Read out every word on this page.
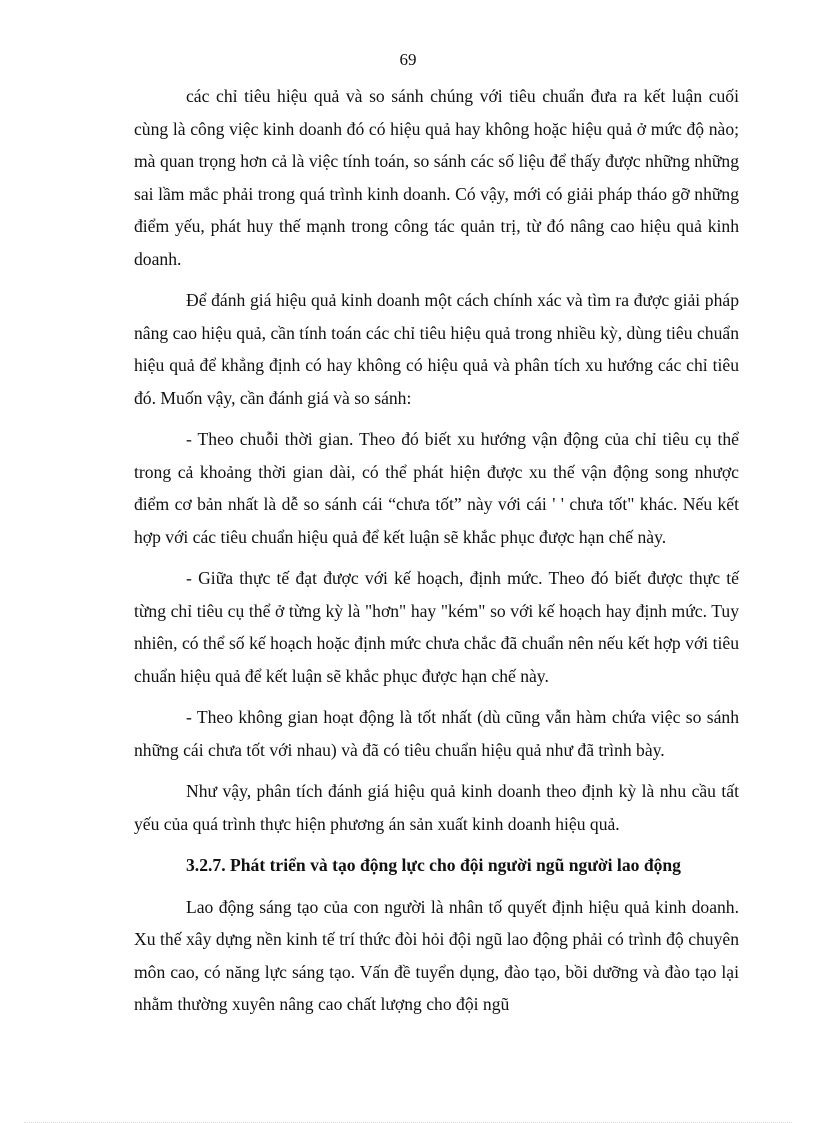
69

các chỉ tiêu hiệu quả và so sánh chúng với tiêu chuẩn đưa ra kết luận cuối cùng là công việc kinh doanh đó có hiệu quả hay không hoặc hiệu quả ở mức độ nào; mà quan trọng hơn cả là việc tính toán, so sánh các số liệu để thấy được những những sai lầm mắc phải trong quá trình kinh doanh. Có vậy, mới có giải pháp tháo gỡ những điểm yếu, phát huy thế mạnh trong công tác quản trị, từ đó nâng cao hiệu quả kinh doanh.

Để đánh giá hiệu quả kinh doanh một cách chính xác và tìm ra được giải pháp nâng cao hiệu quả, cần tính toán các chỉ tiêu hiệu quả trong nhiều kỳ, dùng tiêu chuẩn hiệu quả để khẳng định có hay không có hiệu quả và phân tích xu hướng các chỉ tiêu đó. Muốn vậy, cần đánh giá và so sánh:

- Theo chuỗi thời gian. Theo đó biết xu hướng vận động của chỉ tiêu cụ thể trong cả khoảng thời gian dài, có thể phát hiện được xu thế vận động song nhược điểm cơ bản nhất là dễ so sánh cái “chưa tốt” này với cái ' ' chưa tốt" khác. Nếu kết hợp với các tiêu chuẩn hiệu quả để kết luận sẽ khắc phục được hạn chế này.

- Giữa thực tế đạt được với kế hoạch, định mức. Theo đó biết được thực tế từng chỉ tiêu cụ thể ở từng kỳ là "hơn" hay "kém" so với kế hoạch hay định mức. Tuy nhiên, có thể số kế hoạch hoặc định mức chưa chắc đã chuẩn nên nếu kết hợp với tiêu chuẩn hiệu quả để kết luận sẽ khắc phục được hạn chế này.

- Theo không gian hoạt động là tốt nhất (dù cũng vẫn hàm chứa việc so sánh những cái chưa tốt với nhau) và đã có tiêu chuẩn hiệu quả như đã trình bày.

Như vậy, phân tích đánh giá hiệu quả kinh doanh theo định kỳ là nhu cầu tất yếu của quá trình thực hiện phương án sản xuất kinh doanh hiệu quả.

3.2.7. Phát triển và tạo động lực cho đội người ngũ người lao động

Lao động sáng tạo của con người là nhân tố quyết định hiệu quả kinh doanh. Xu thế xây dựng nền kinh tế trí thức đòi hỏi đội ngũ lao động phải có trình độ chuyên môn cao, có năng lực sáng tạo. Vấn đề tuyển dụng, đào tạo, bồi dưỡng và đào tạo lại nhằm thường xuyên nâng cao chất lượng cho đội ngũ
